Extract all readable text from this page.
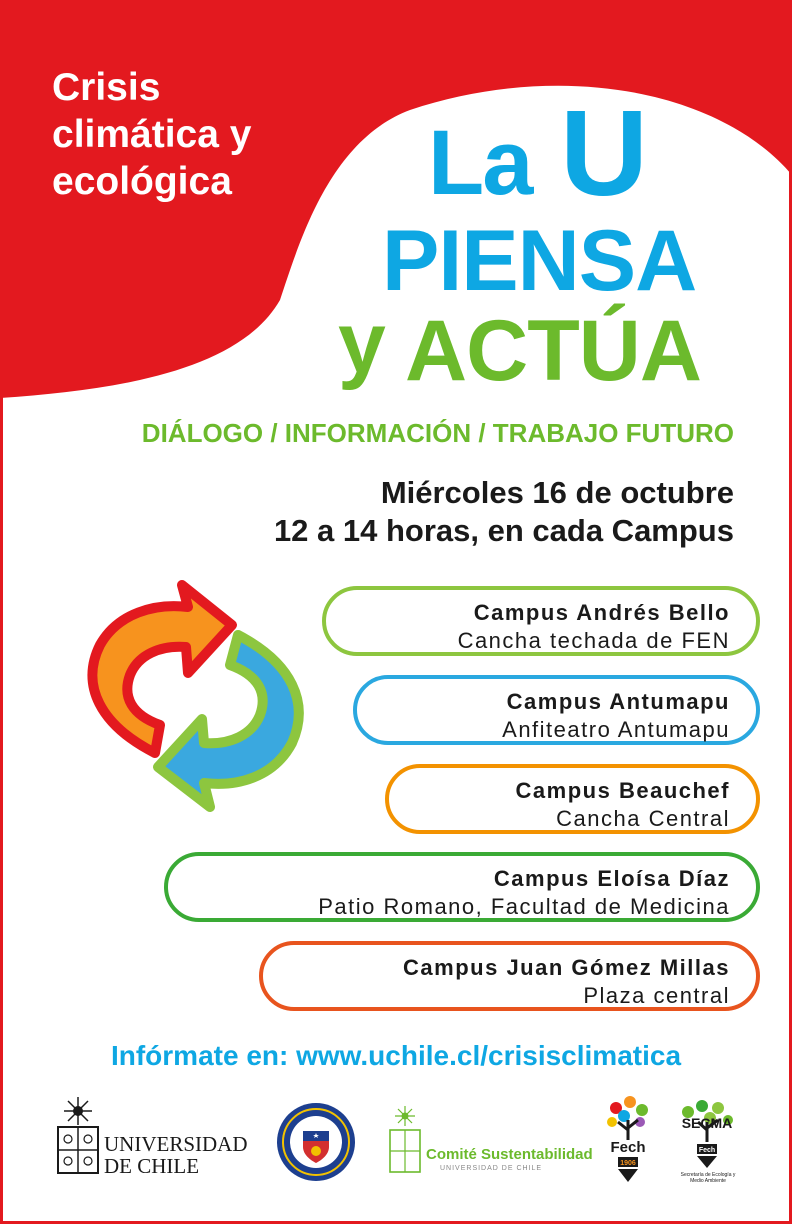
Crisis
climática y
ecológica	La U
PIENSA
y ACTÚA
DIÁLOGO / INFORMACIÓN / TRABAJO FUTURO
Miércoles 16 de octubre
12 a 14 horas, en cada Campus
Campus Andrés Bello
Cancha techada de FEN
Campus Antumapu
Anfiteatro Antumapu
Campus Beauchef
Cancha Central
Campus Eloísa Díaz
Patio Romano, Facultad de Medicina
Campus Juan Gómez Millas
Plaza central
Infórmate en: www.uchile.cl/crisisclimatica
UNIVERSIDAD
DE CHILE	Comité Sustentabilidad
UNIVERSIDAD DE CHILE
Fech
1906
SECMA
Fech
Secretaría de Ecología y Medio Ambiente
